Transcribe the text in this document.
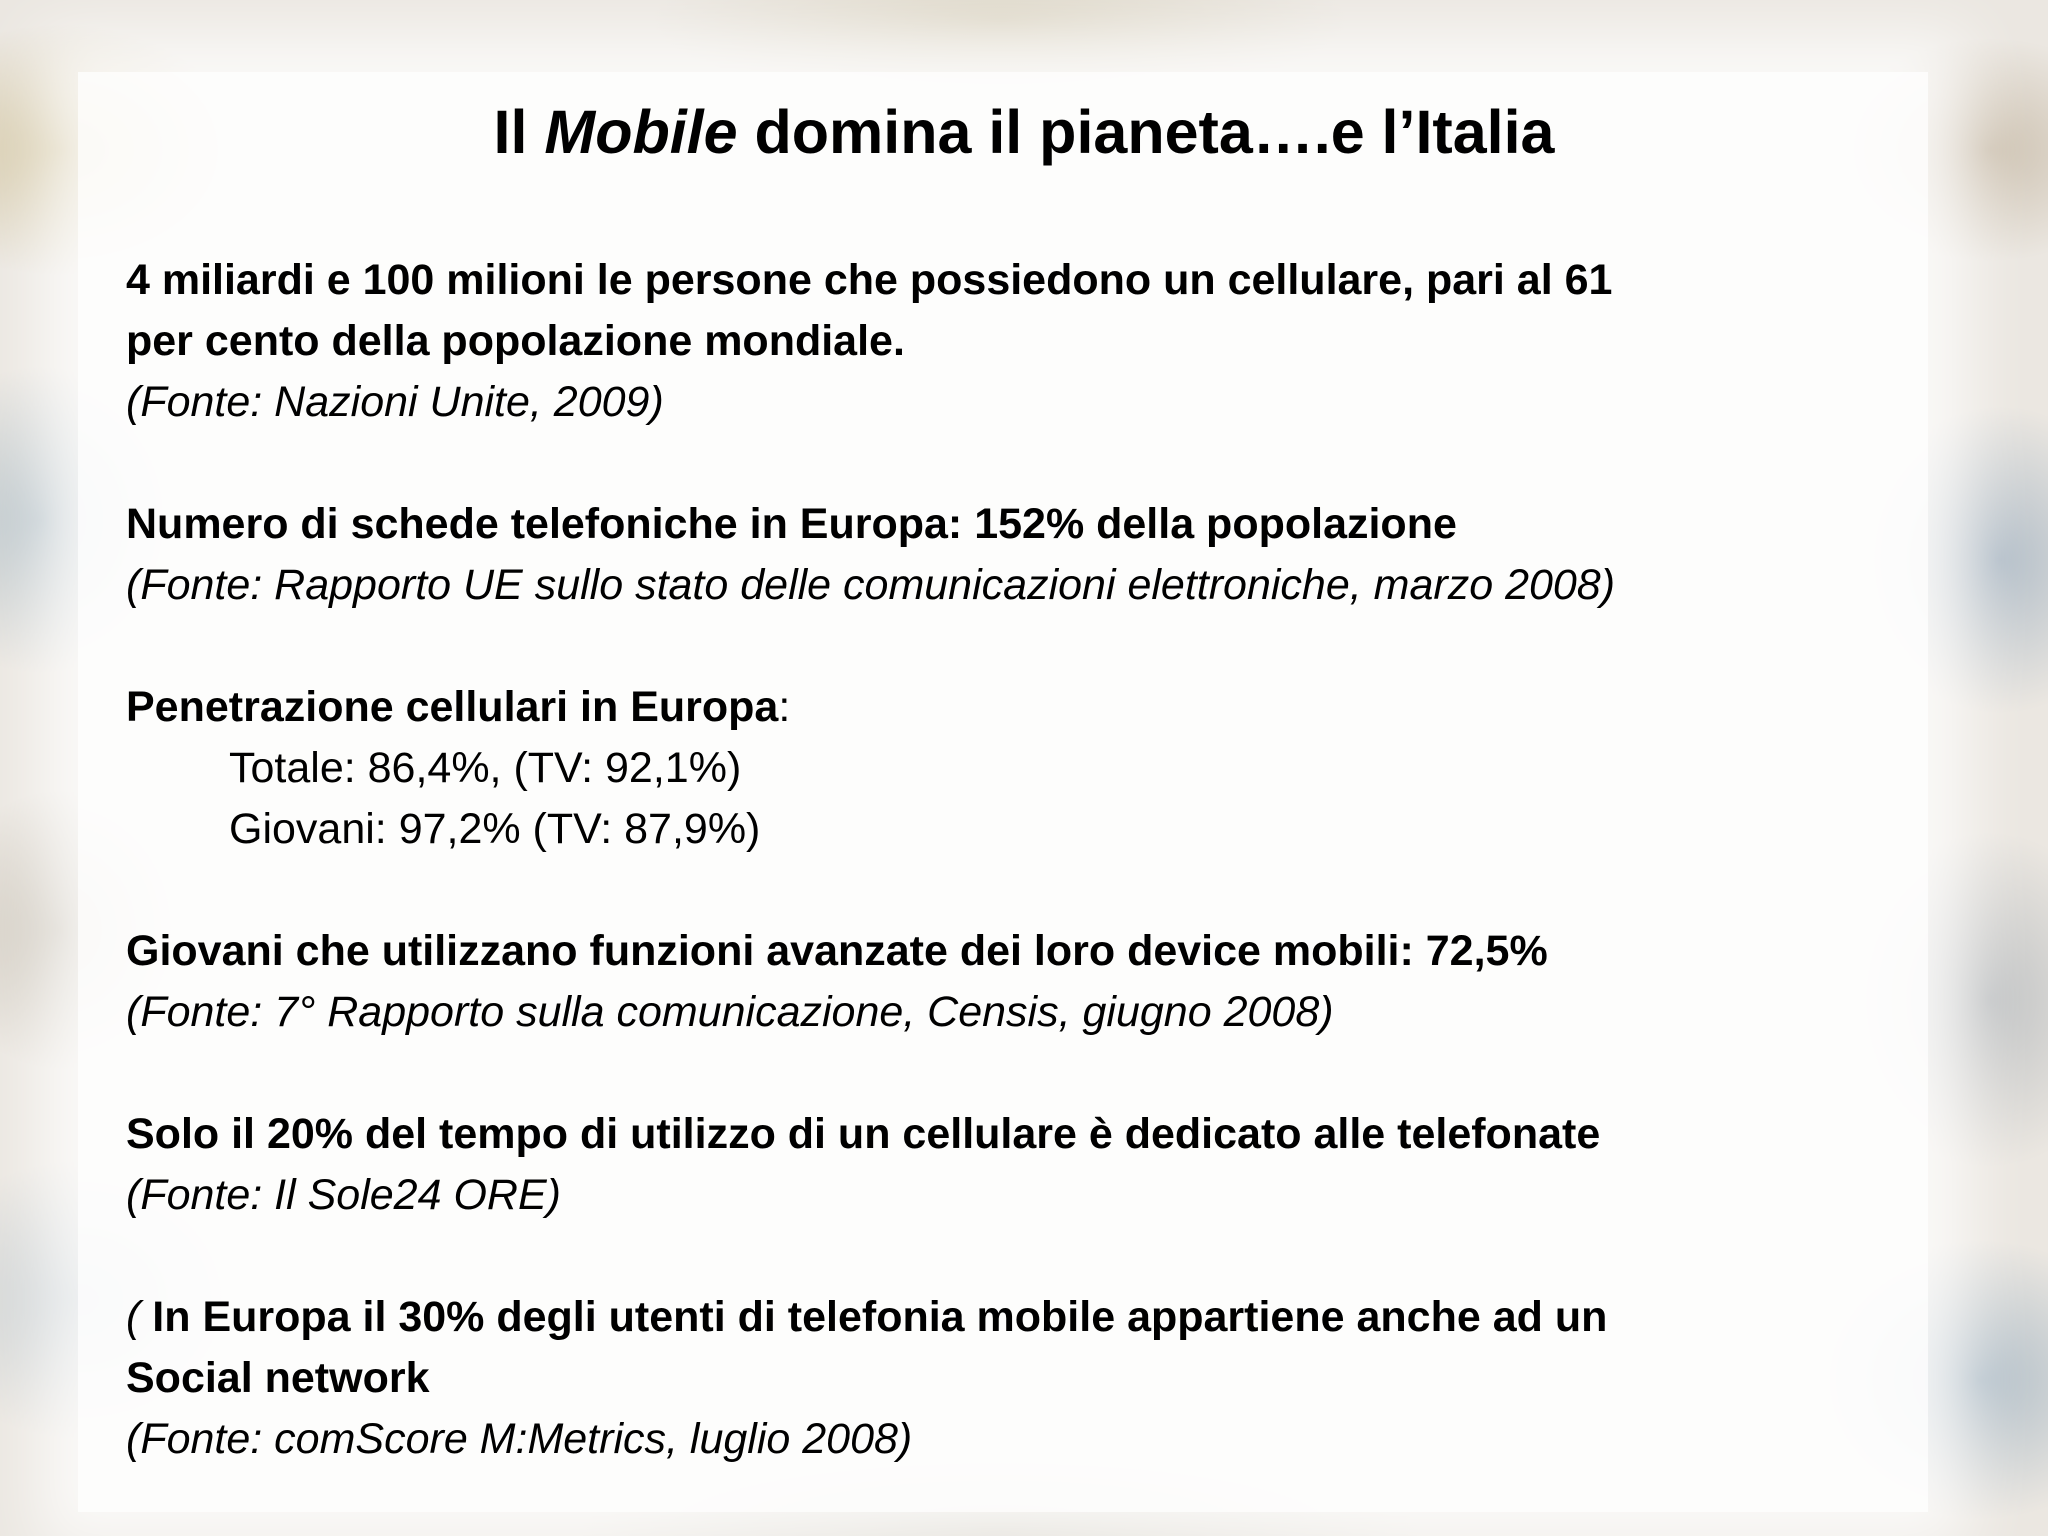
Il Mobile domina il pianeta….e l’Italia

4 miliardi e 100 milioni le persone che possiedono un cellulare, pari al 61

per cento della popolazione mondiale.

(Fonte: Nazioni Unite, 2009)

Numero di schede telefoniche in Europa: 152% della popolazione

(Fonte: Rapporto UE sullo stato delle comunicazioni elettroniche, marzo 2008)

Penetrazione cellulari in Europa:

Totale: 86,4%, (TV: 92,1%)

Giovani: 97,2% (TV: 87,9%)

Giovani che utilizzano funzioni avanzate dei loro device mobili: 72,5%

(Fonte: 7° Rapporto sulla comunicazione, Censis, giugno 2008)

Solo il 20% del tempo di utilizzo di un cellulare è dedicato alle telefonate

(Fonte: Il Sole24 ORE)

( In Europa il 30% degli utenti di telefonia mobile appartiene anche ad un

Social network

(Fonte: comScore M:Metrics, luglio 2008)
